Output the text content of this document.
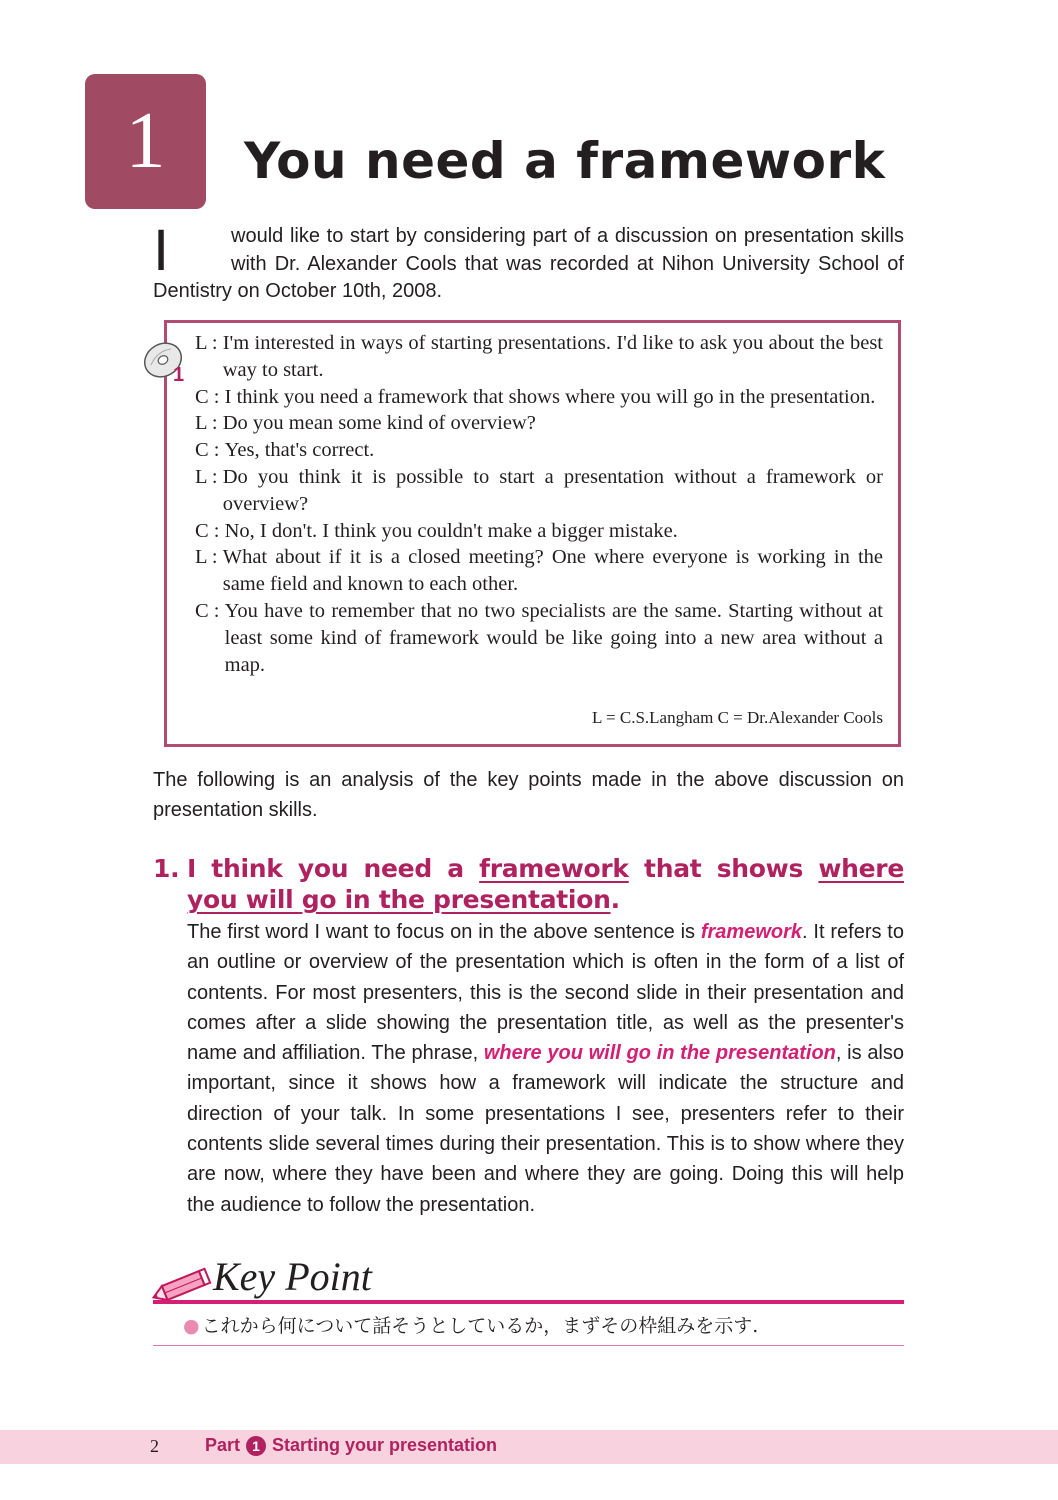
1	You need a framework

I	would like to start by considering part of a discussion on presentation skills with Dr. Alexander Cools that was recorded at Nihon University School of Dentistry on October 10th, 2008.

1
L : I'm interested in ways of starting presentations. I'd like to ask you about the best way to start.
C : I think you need a framework that shows where you will go in the presentation.
L : Do you mean some kind of overview?
C : Yes, that's correct.
L : Do you think it is possible to start a presentation without a framework or overview?
C : No, I don't. I think you couldn't make a bigger mistake.
L : What about if it is a closed meeting? One where everyone is working in the same field and known to each other.
C : You have to remember that no two specialists are the same. Starting without at least some kind of framework would be like going into a new area without a map.
L = C.S.Langham C = Dr.Alexander Cools

The following is an analysis of the key points made in the above discussion on presentation skills.

1. I think you need a framework that shows where you will go in the presentation.

The first word I want to focus on in the above sentence is framework. It refers to an outline or overview of the presentation which is often in the form of a list of contents. For most presenters, this is the second slide in their presentation and comes after a slide showing the presentation title, as well as the presenter's name and affiliation. The phrase, where you will go in the presentation, is also important, since it shows how a framework will indicate the structure and direction of your talk. In some presentations I see, presenters refer to their contents slide several times during their presentation. This is to show where they are now, where they have been and where they are going. Doing this will help the audience to follow the presentation.

Key Point
● これから何について話そうとしているか，まずその枠組みを示す.
2	Part 1 Starting your presentation
